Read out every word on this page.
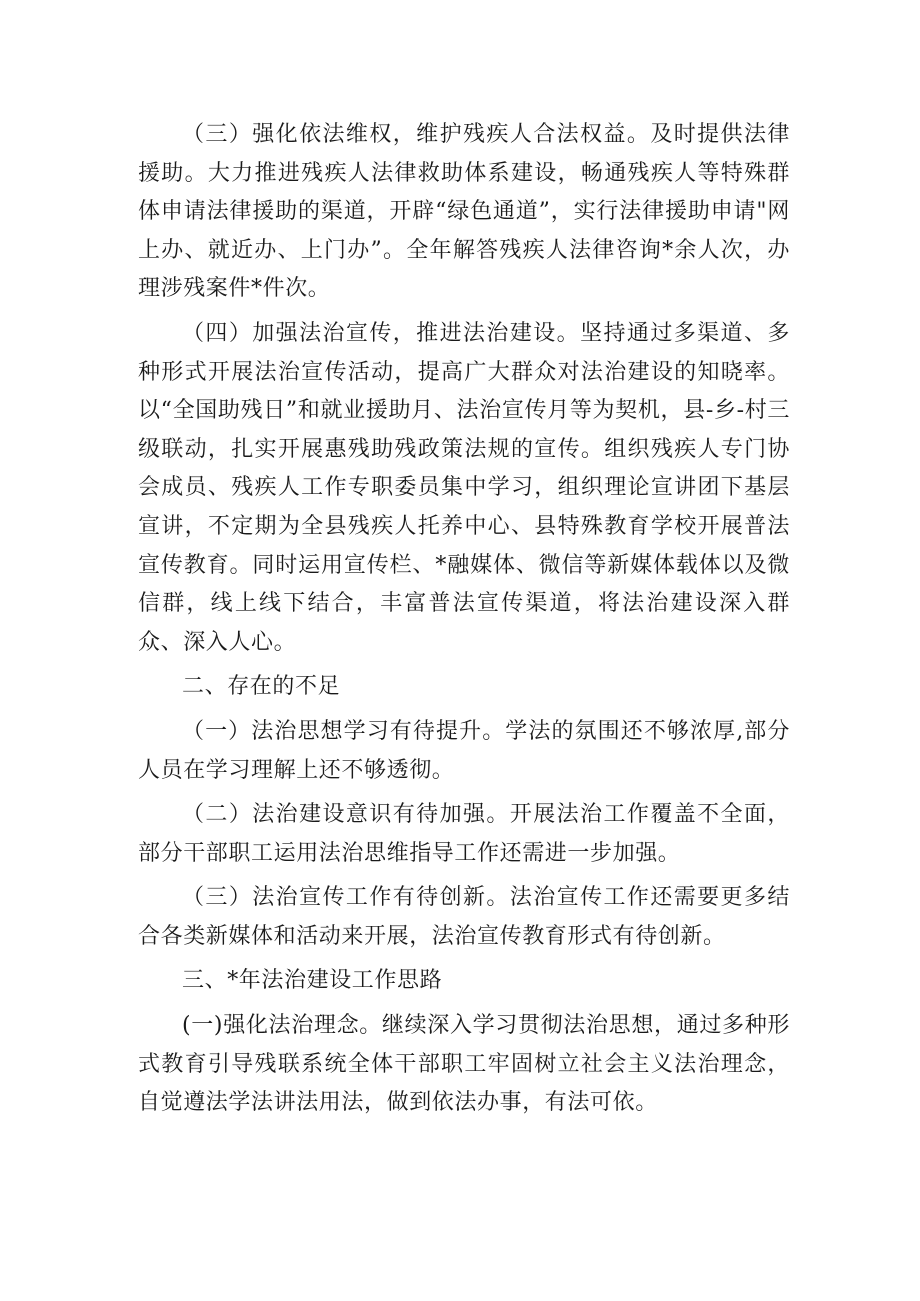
（三）强化依法维权，维护残疾人合法权益。及时提供法律援助。大力推进残疾人法律救助体系建设，畅通残疾人等特殊群体申请法律援助的渠道，开辟“绿色通道”，实行法律援助申请"网上办、就近办、上门办”。全年解答残疾人法律咨询*余人次，办理涉残案件*件次。

（四）加强法治宣传，推进法治建设。坚持通过多渠道、多种形式开展法治宣传活动，提高广大群众对法治建设的知晓率。以“全国助残日”和就业援助月、法治宣传月等为契机，县-乡-村三级联动，扎实开展惠残助残政策法规的宣传。组织残疾人专门协会成员、残疾人工作专职委员集中学习，组织理论宣讲团下基层宣讲，不定期为全县残疾人托养中心、县特殊教育学校开展普法宣传教育。同时运用宣传栏、*融媒体、微信等新媒体载体以及微信群，线上线下结合，丰富普法宣传渠道，将法治建设深入群众、深入人心。

二、存在的不足

（一）法治思想学习有待提升。学法的氛围还不够浓厚,部分人员在学习理解上还不够透彻。

（二）法治建设意识有待加强。开展法治工作覆盖不全面，部分干部职工运用法治思维指导工作还需进一步加强。

（三）法治宣传工作有待创新。法治宣传工作还需要更多结合各类新媒体和活动来开展，法治宣传教育形式有待创新。

三、*年法治建设工作思路

(一)强化法治理念。继续深入学习贯彻法治思想，通过多种形式教育引导残联系统全体干部职工牢固树立社会主义法治理念，自觉遵法学法讲法用法，做到依法办事，有法可依。
